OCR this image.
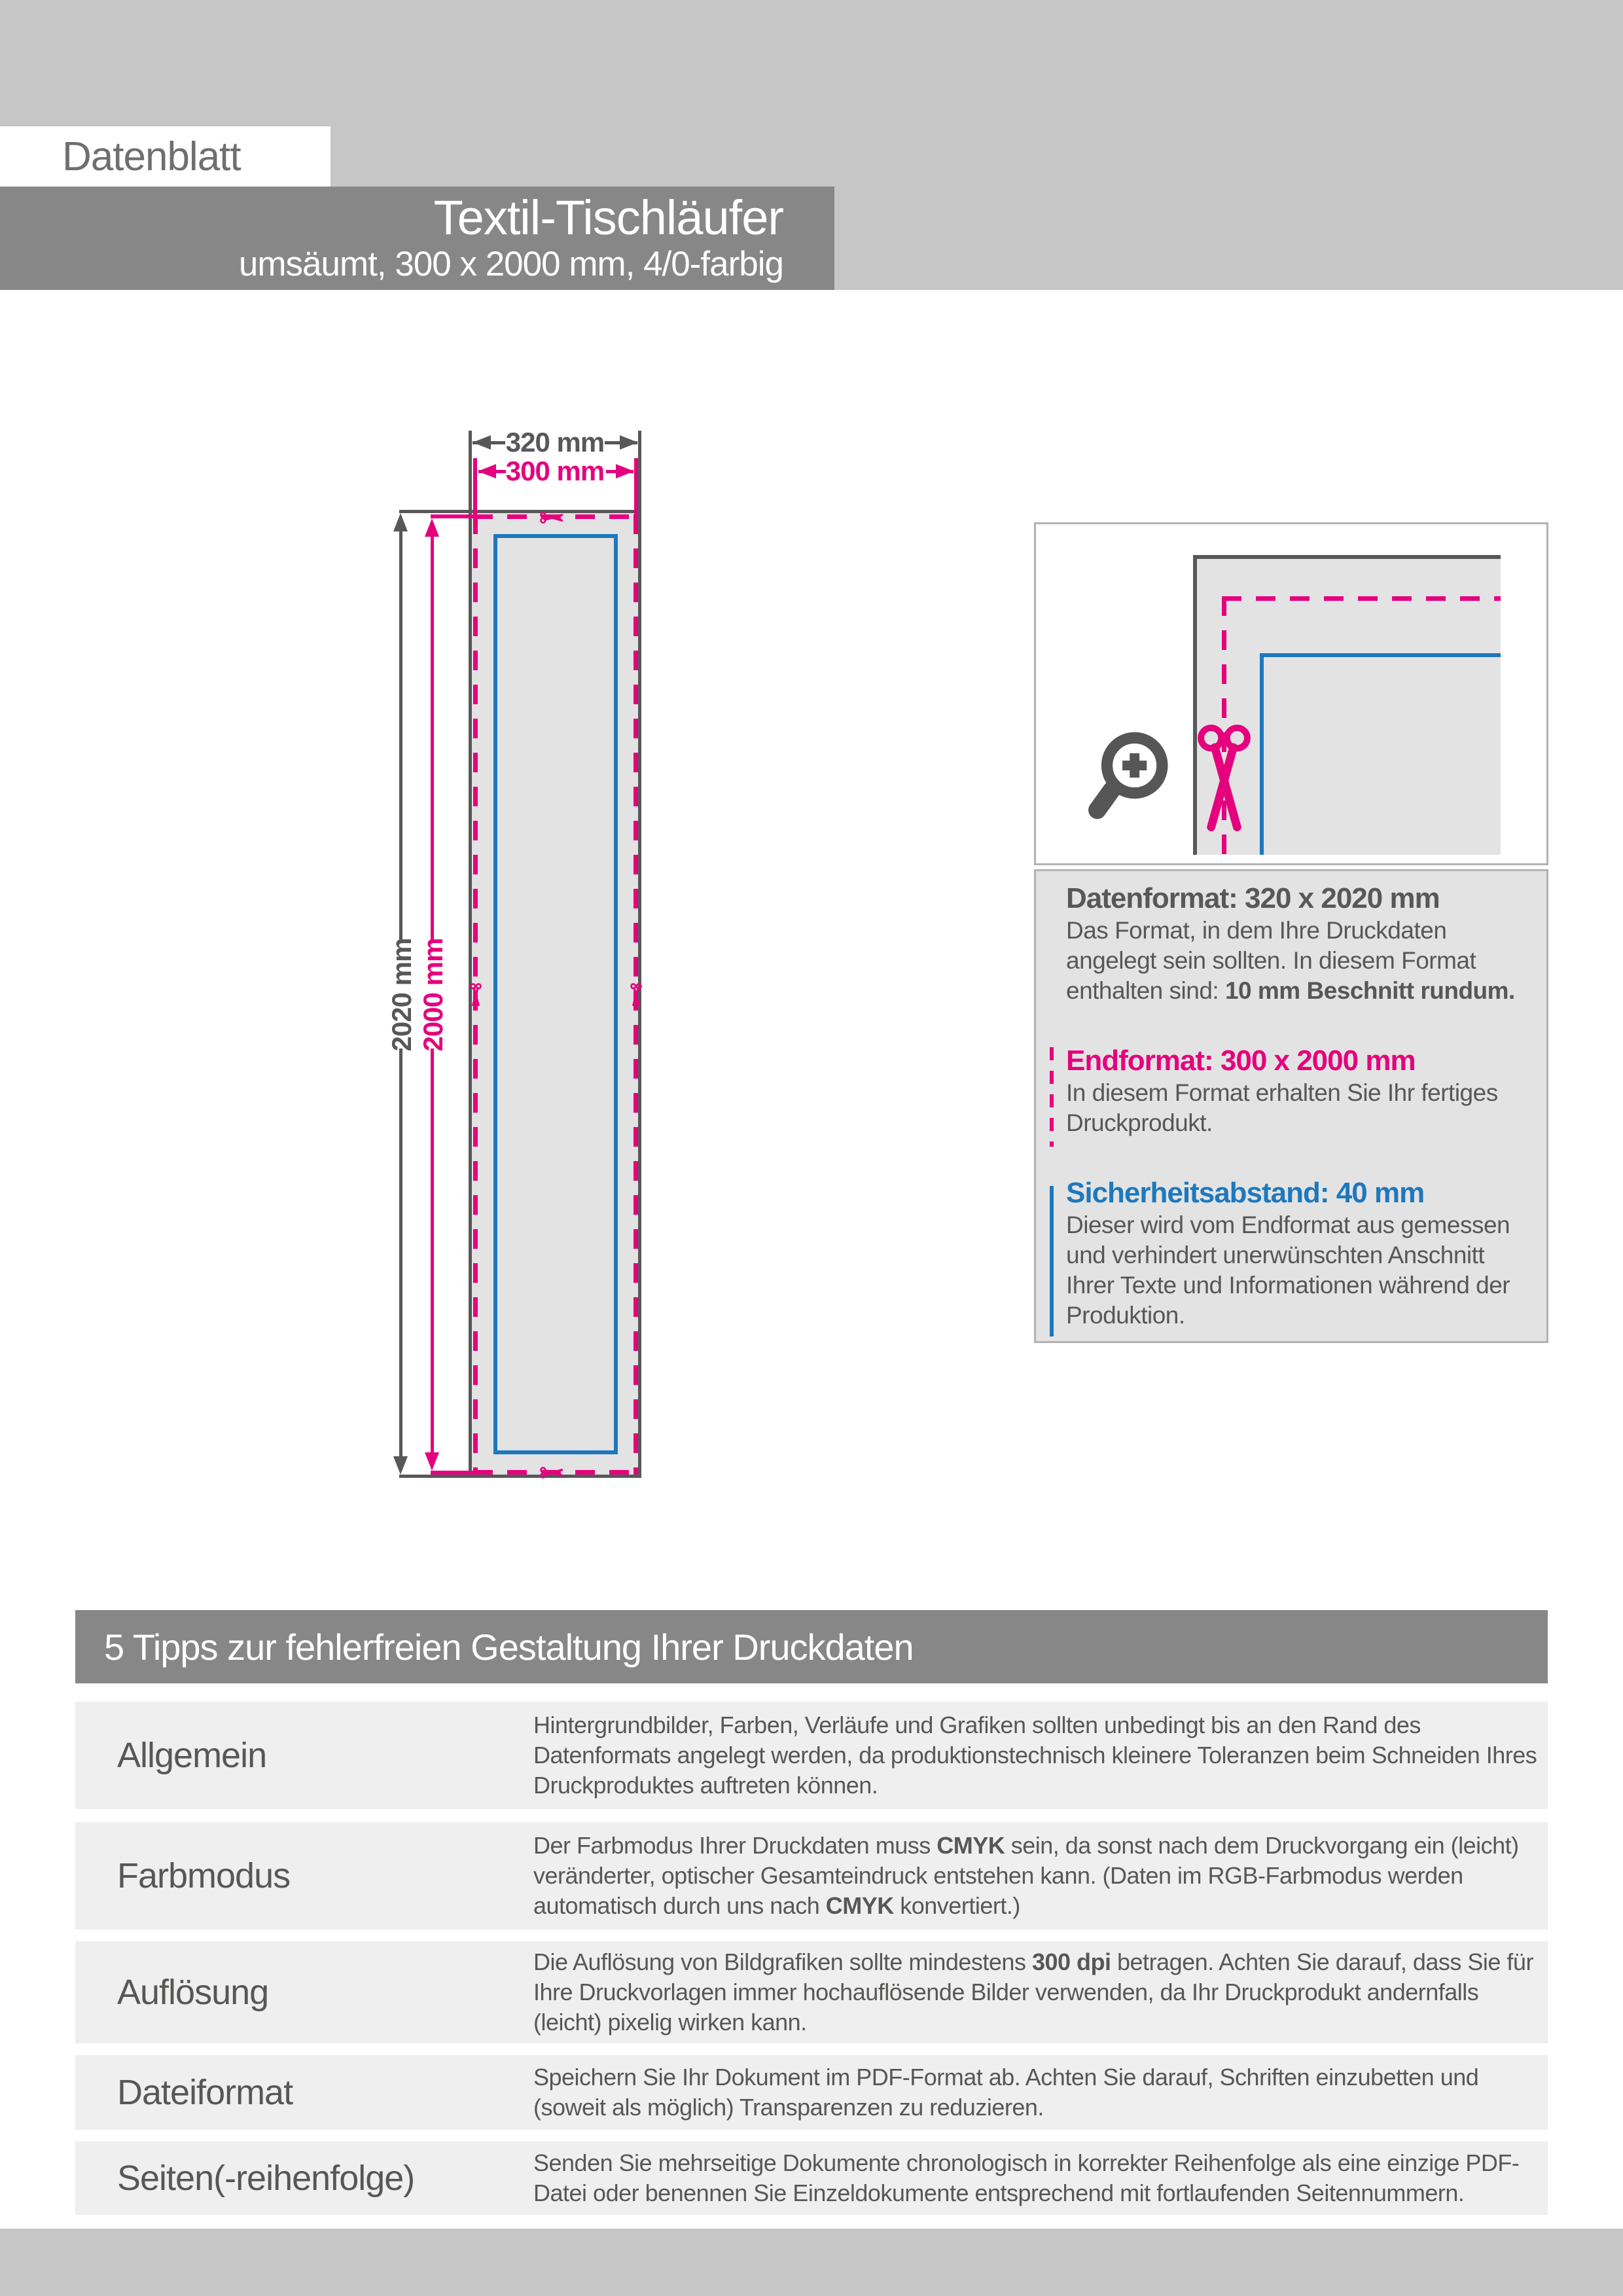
Datenblatt
Textil-Tischläufer
umsäumt, 300 x 2000 mm, 4/0-farbig
320 mm
300 mm
2020 mm 2000 mm
Datenformat: 320 x 2020 mm
Das Format, in dem Ihre Druckdaten angelegt sein sollten. In diesem Format enthalten sind: 10 mm Beschnitt rundum.
Endformat: 300 x 2000 mm
In diesem Format erhalten Sie Ihr fertiges Druckprodukt.
Sicherheitsabstand: 40 mm
Dieser wird vom Endformat aus gemessen und verhindert unerwünschten Anschnitt Ihrer Texte und Informationen während der Produktion.
5 Tipps zur fehlerfreien Gestaltung Ihrer Druckdaten
Allgemein
Hintergrundbilder, Farben, Verläufe und Grafiken sollten unbedingt bis an den Rand des Datenformats angelegt werden, da produktionstechnisch kleinere Toleranzen beim Schneiden Ihres Druckproduktes auftreten können.
Farbmodus
Der Farbmodus Ihrer Druckdaten muss CMYK sein, da sonst nach dem Druckvorgang ein (leicht) veränderter, optischer Gesamteindruck entstehen kann. (Daten im RGB-Farbmodus werden automatisch durch uns nach CMYK konvertiert.)
Auflösung
Die Auflösung von Bildgrafiken sollte mindestens 300 dpi betragen. Achten Sie darauf, dass Sie für Ihre Druckvorlagen immer hochauflösende Bilder verwenden, da Ihr Druckprodukt andernfalls (leicht) pixelig wirken kann.
Dateiformat	Speichern Sie Ihr Dokument im PDF-Format ab. Achten Sie darauf, Schriften einzubetten und (soweit als möglich) Transparenzen zu reduzieren.
Seiten(-reihenfolge)	Senden Sie mehrseitige Dokumente chronologisch in korrekter Reihenfolge als eine einzige PDF-Datei oder benennen Sie Einzeldokumente entsprechend mit fortlaufenden Seitennummern.
